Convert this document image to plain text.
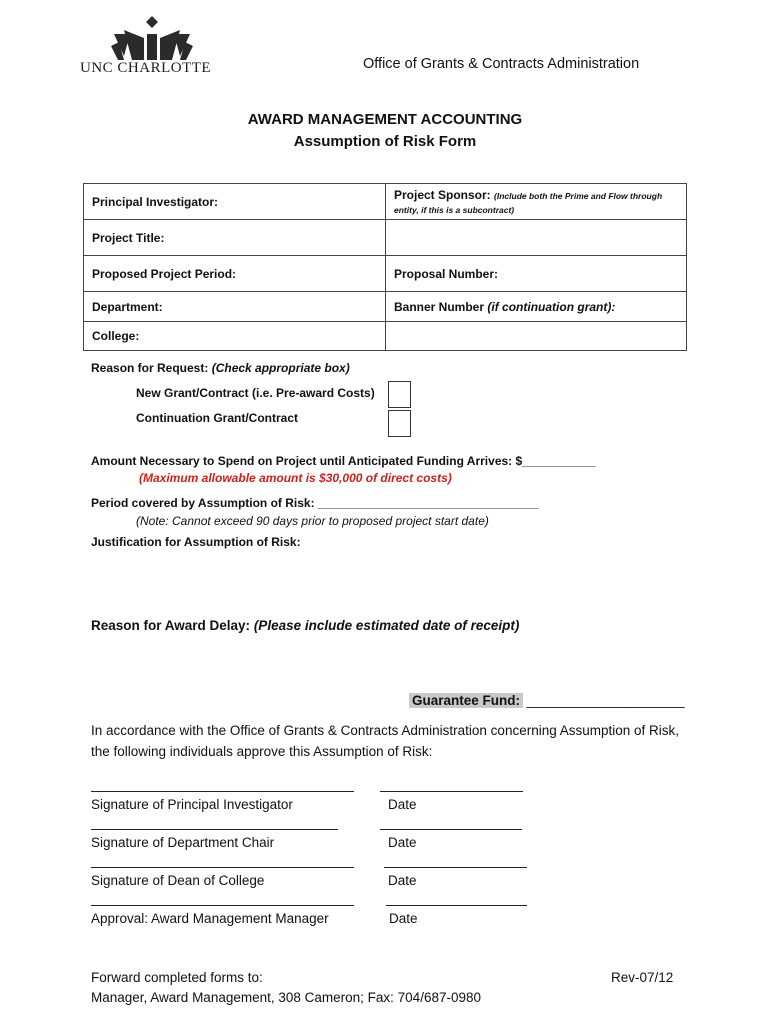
UNC CHARLOTTE	Office of Grants & Contracts Administration
AWARD MANAGEMENT ACCOUNTING
Assumption of Risk Form
Principal Investigator:	Project Sponsor: (Include both the Prime and Flow through entity, if this is a subcontract)
Project Title:	
Proposed Project Period:	Proposal Number:
Department:	Banner Number (if continuation grant):
College:	
Reason for Request: (Check appropriate box)
New Grant/Contract (i.e. Pre-award Costs)
Continuation Grant/Contract
Amount Necessary to Spend on Project until Anticipated Funding Arrives: $___________
(Maximum allowable amount is $30,000 of direct costs)
Period covered by Assumption of Risk: _________________________________
(Note: Cannot exceed 90 days prior to proposed project start date)
Justification for Assumption of Risk:
Reason for Award Delay: (Please include estimated date of receipt)
Guarantee Fund: _____________________
In accordance with the Office of Grants & Contracts Administration concerning Assumption of Risk, the following individuals approve this Assumption of Risk:
Signature of Principal Investigator	Date
Signature of Department Chair	Date
Signature of Dean of College	Date
Approval: Award Management Manager	Date
Forward completed forms to:
Manager, Award Management, 308 Cameron; Fax: 704/687-0980
Rev-07/12
